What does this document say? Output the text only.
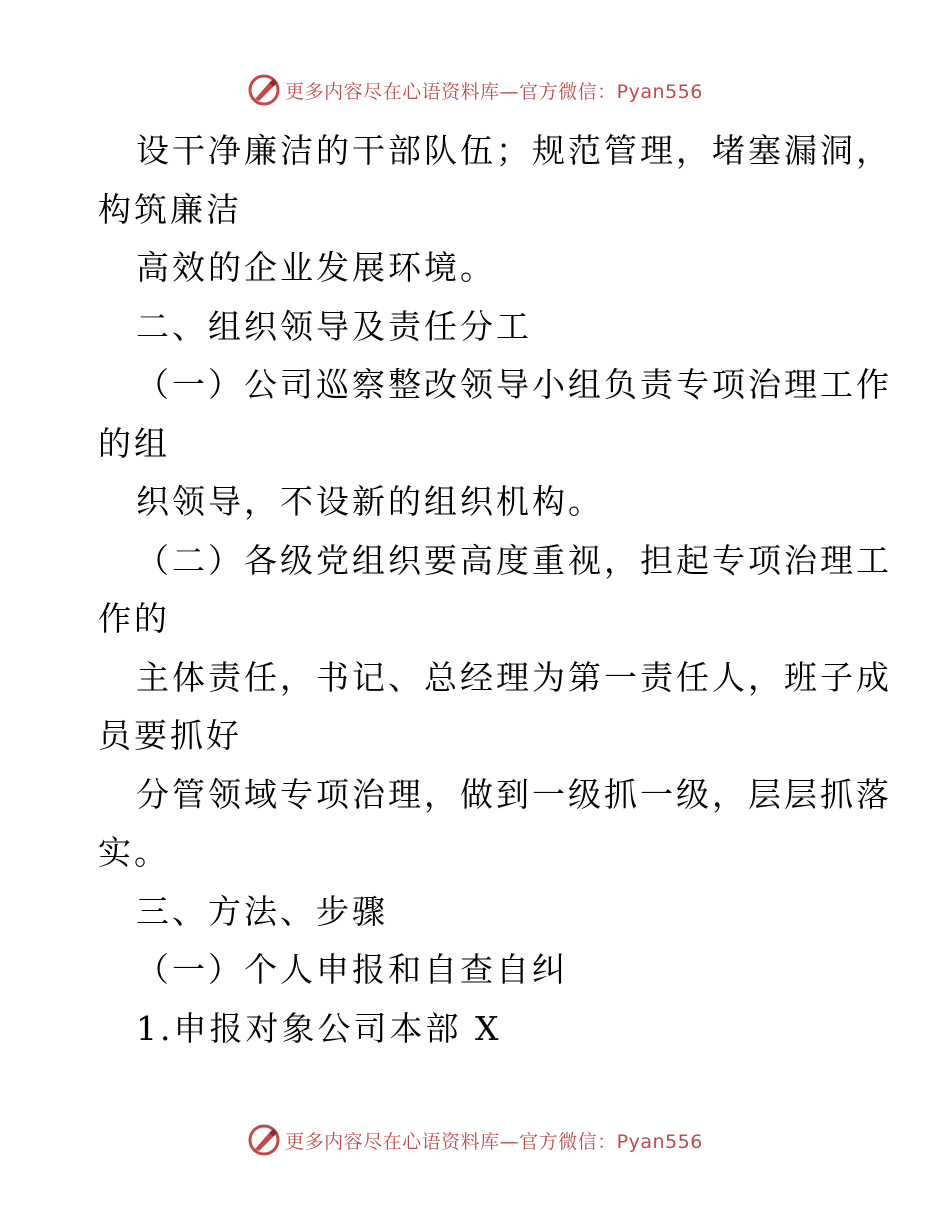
更多内容尽在心语资料库—官方微信：Pyan556
设干净廉洁的干部队伍；规范管理，堵塞漏洞，
构筑廉洁
高效的企业发展环境。
二、组织领导及责任分工
（一）公司巡察整改领导小组负责专项治理工作
的组
织领导，不设新的组织机构。
（二）各级党组织要高度重视，担起专项治理工
作的
主体责任，书记、总经理为第一责任人，班子成
员要抓好
分管领域专项治理，做到一级抓一级，层层抓落
实。
三、方法、步骤
（一）个人申报和自查自纠
1.申报对象公司本部 X
更多内容尽在心语资料库—官方微信：Pyan556
